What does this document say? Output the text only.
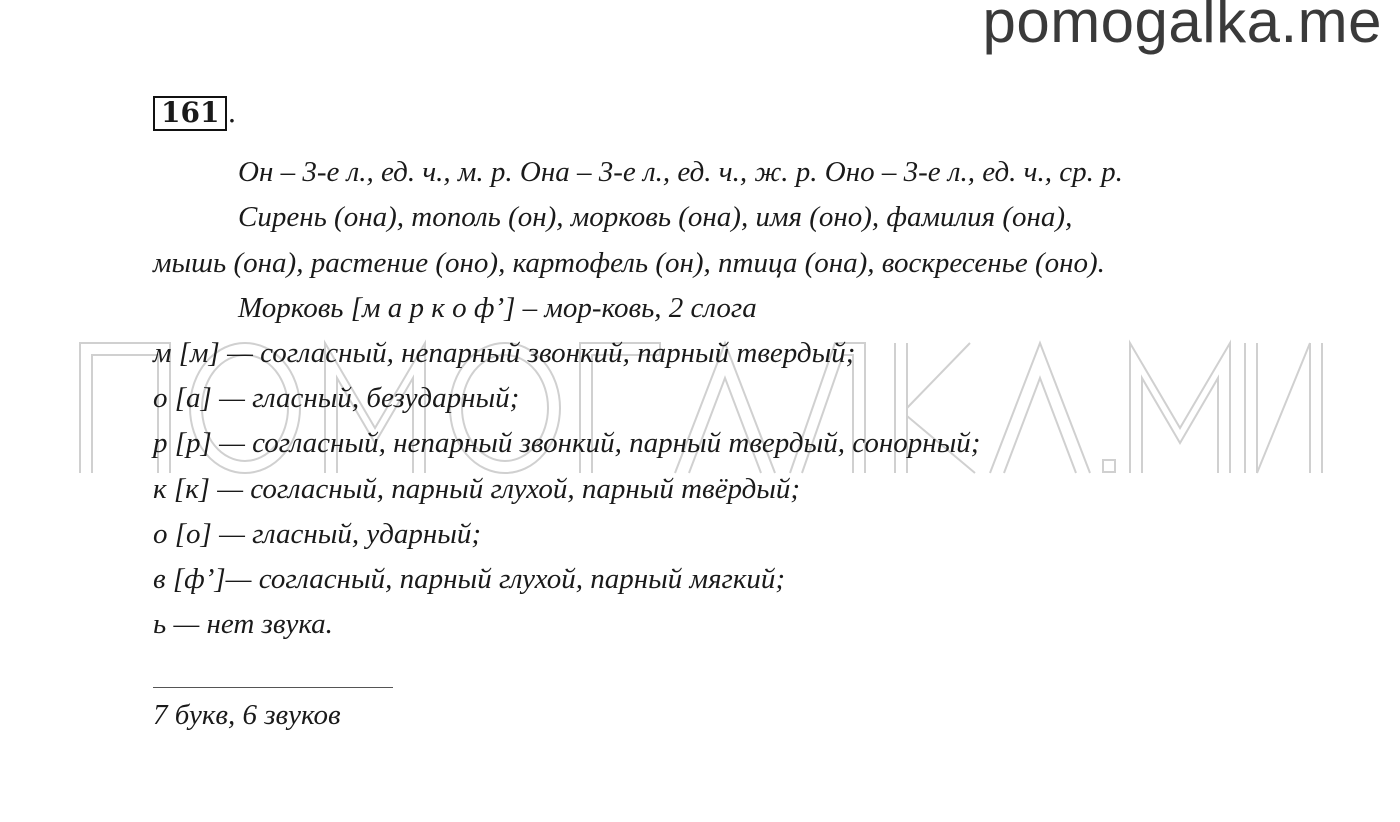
pomogalka.me
161 .
Он – 3-е л., ед. ч., м. р. Она – 3-е л., ед. ч., ж. р. Оно – 3-е л., ед. ч., ср. р.
Сирень (она), тополь (он), морковь (она), имя (оно), фамилия (она),
мышь (она), растение (оно), картофель (он), птица (она), воскресенье (оно).
Морковь [м а р к о ф’] – мор-ковь, 2 слога
м [м] — согласный, непарный звонкий, парный твердый;
о [а] — гласный, безударный;
р [р] — согласный, непарный звонкий, парный твердый, сонорный;
к [к] — согласный, парный глухой, парный твёрдый;
о [о] — гласный, ударный;
в [ф’]— согласный, парный глухой, парный мягкий;
ь — нет звука.
7 букв, 6 звуков
